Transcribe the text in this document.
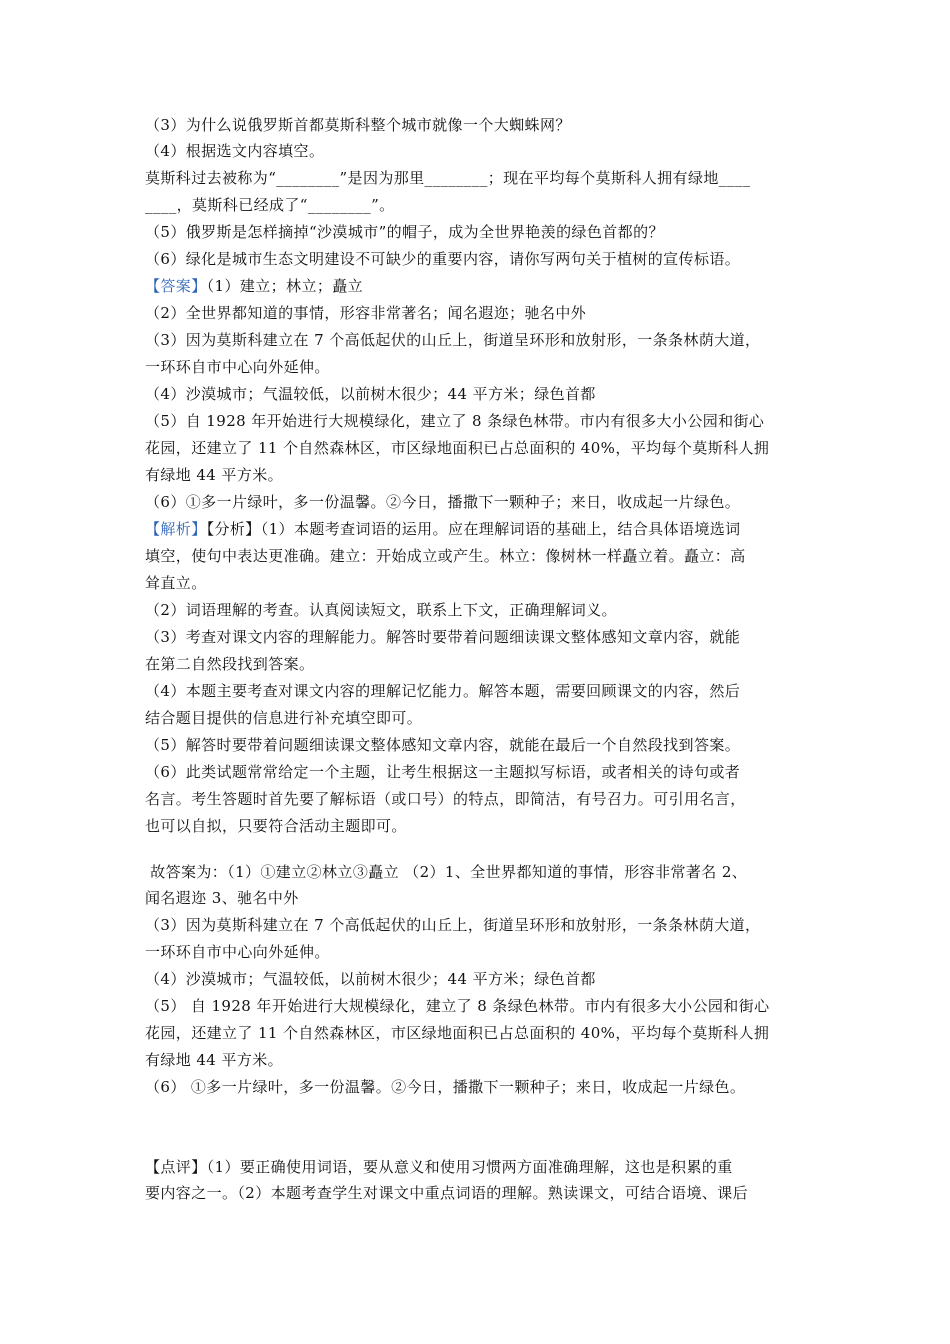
（3）为什么说俄罗斯首都莫斯科整个城市就像一个大蜘蛛网？
（4）根据选文内容填空。
莫斯科过去被称为“________”是因为那里________；现在平均每个莫斯科人拥有绿地____
____，莫斯科已经成了“________”。
（5）俄罗斯是怎样摘掉“沙漠城市”的帽子，成为全世界艳羡的绿色首都的？
（6）绿化是城市生态文明建设不可缺少的重要内容，请你写两句关于植树的宣传标语。
【答案】（1）建立；林立；矗立
（2）全世界都知道的事情，形容非常著名；闻名遐迩；驰名中外
（3）因为莫斯科建立在 7 个高低起伏的山丘上，街道呈环形和放射形，一条条林荫大道，
一环环自市中心向外延伸。
（4）沙漠城市；气温较低，以前树木很少；44 平方米；绿色首都
（5）自 1928 年开始进行大规模绿化，建立了 8 条绿色林带。市内有很多大小公园和街心
花园，还建立了 11 个自然森林区，市区绿地面积已占总面积的 40%，平均每个莫斯科人拥
有绿地 44 平方米。
（6）①多一片绿叶，多一份温馨。②今日，播撒下一颗种子；来日，收成起一片绿色。
【解析】【分析】（1）本题考查词语的运用。应在理解词语的基础上，结合具体语境选词
填空，使句中表达更准确。建立：开始成立或产生。林立：像树林一样矗立着。矗立：高
耸直立。
（2）词语理解的考查。认真阅读短文，联系上下文，正确理解词义。
（3）考查对课文内容的理解能力。解答时要带着问题细读课文整体感知文章内容，就能
在第二自然段找到答案。
（4）本题主要考查对课文内容的理解记忆能力。解答本题，需要回顾课文的内容，然后
结合题目提供的信息进行补充填空即可。
（5）解答时要带着问题细读课文整体感知文章内容，就能在最后一个自然段找到答案。
（6）此类试题常常给定一个主题，让考生根据这一主题拟写标语，或者相关的诗句或者
名言。考生答题时首先要了解标语（或口号）的特点，即简洁，有号召力。可引用名言，
也可以自拟，只要符合活动主题即可。
故答案为：（1）①建立②林立③矗立 （2）1、全世界都知道的事情，形容非常著名 2、
闻名遐迩 3、驰名中外
（3）因为莫斯科建立在 7 个高低起伏的山丘上，街道呈环形和放射形，一条条林荫大道，
一环环自市中心向外延伸。
（4）沙漠城市；气温较低，以前树木很少；44 平方米；绿色首都
（5） 自 1928 年开始进行大规模绿化，建立了 8 条绿色林带。市内有很多大小公园和街心
花园，还建立了 11 个自然森林区，市区绿地面积已占总面积的 40%，平均每个莫斯科人拥
有绿地 44 平方米。
（6） ①多一片绿叶，多一份温馨。②今日，播撒下一颗种子；来日，收成起一片绿色。
【点评】（1）要正确使用词语，要从意义和使用习惯两方面准确理解，这也是积累的重
要内容之一。（2）本题考查学生对课文中重点词语的理解。熟读课文，可结合语境、课后
